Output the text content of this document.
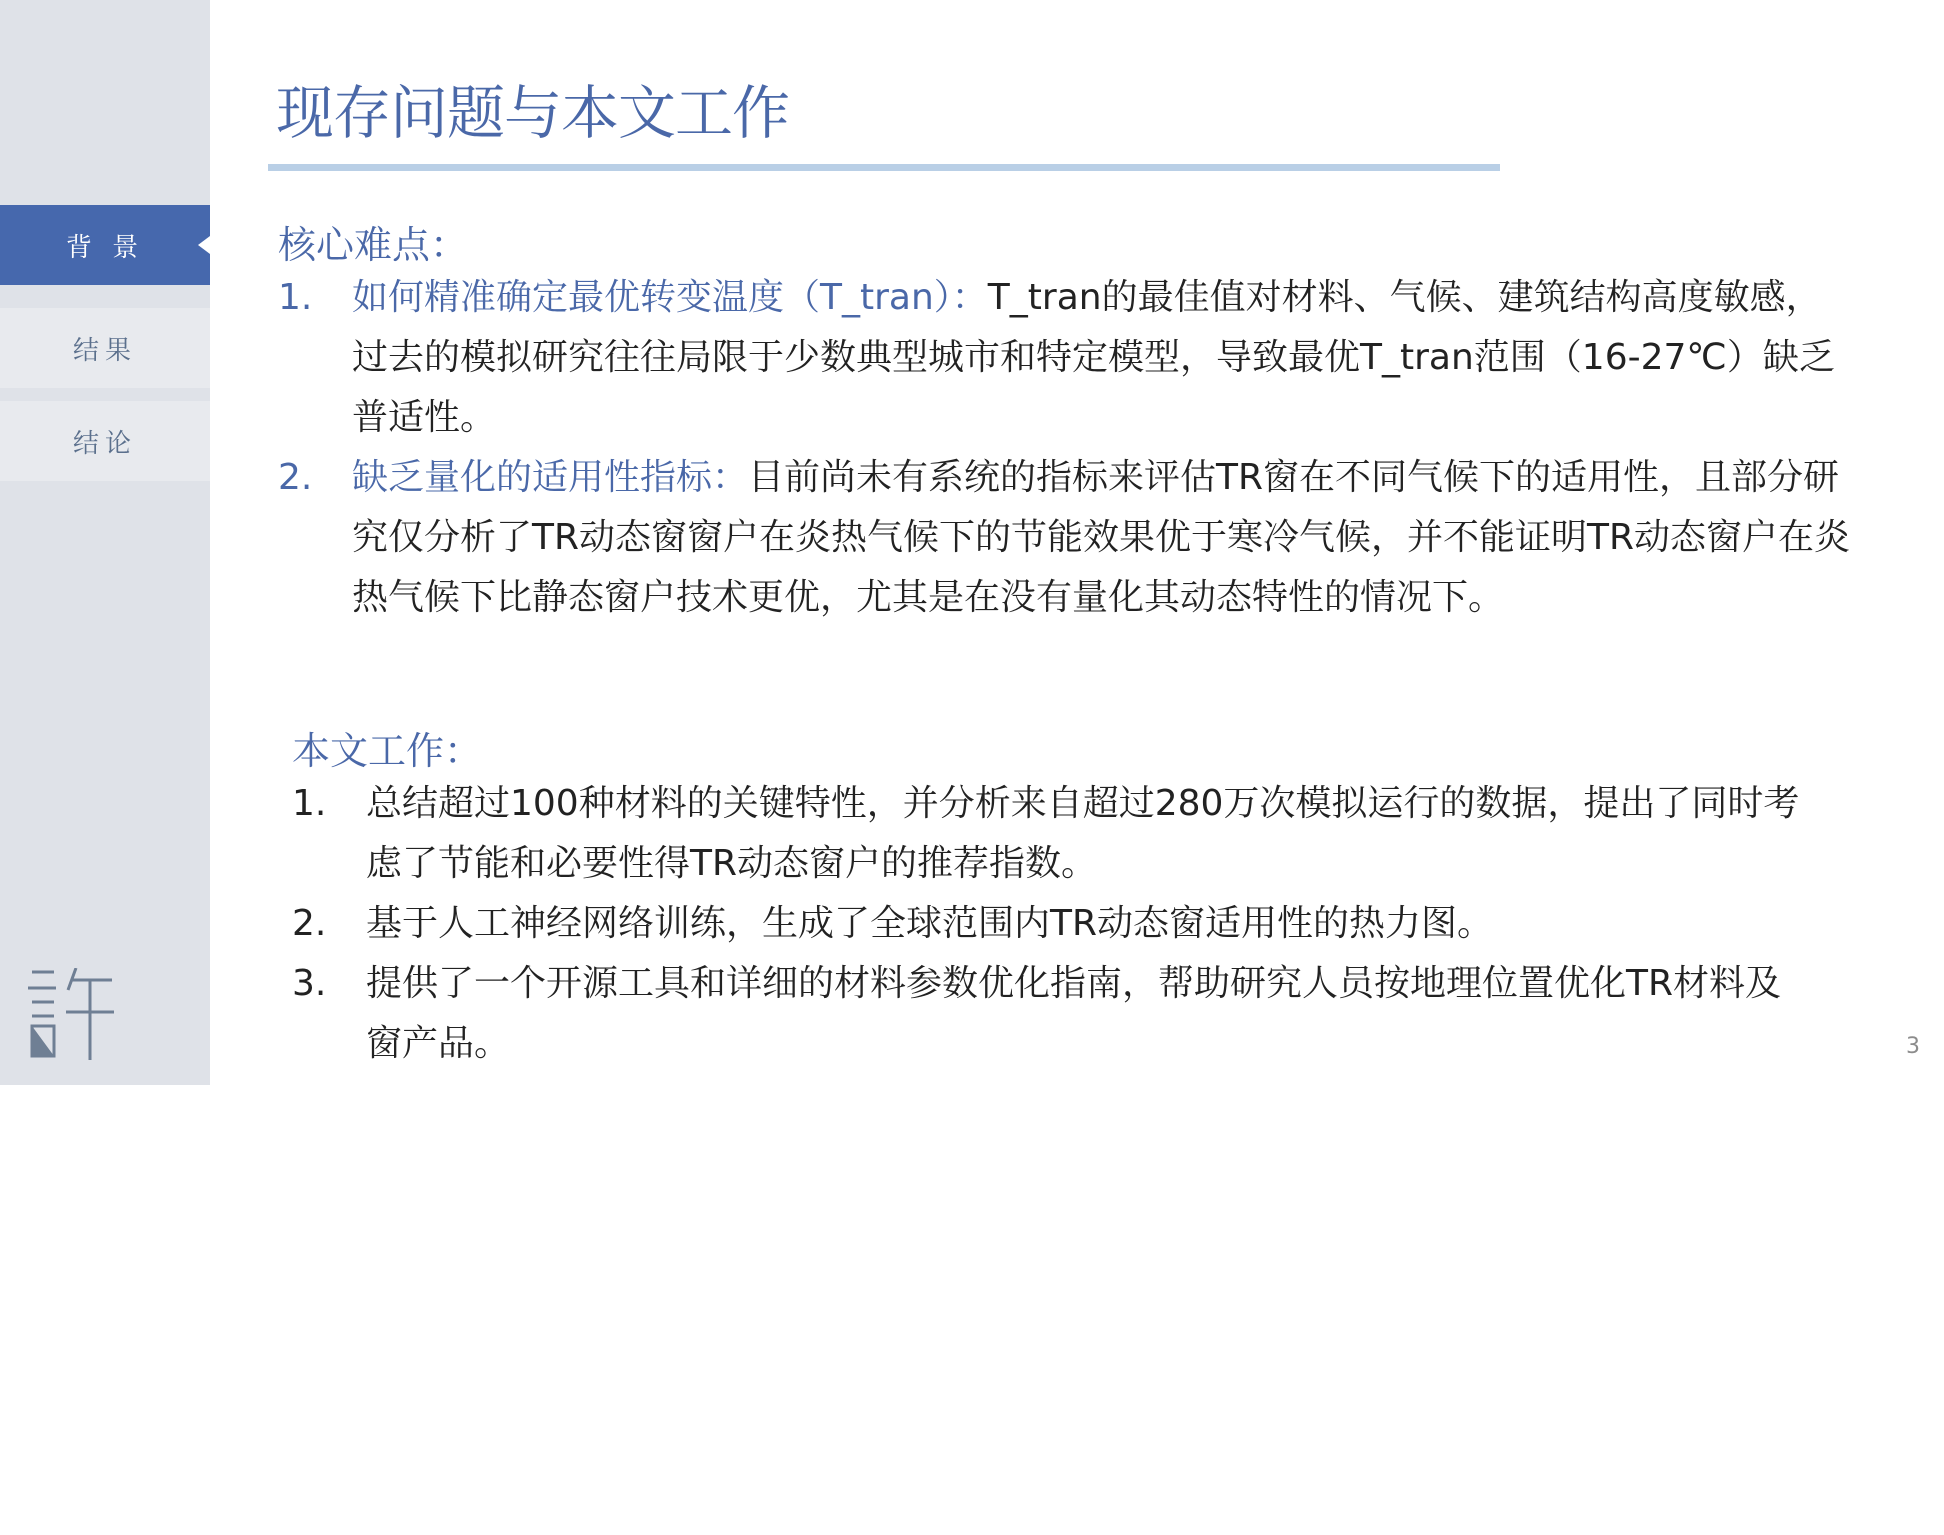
背 景
结果
结论
现存问题与本文工作
核心难点：
1. 如何精准确定最优转变温度（T_tran）：T_tran的最佳值对材料、气候、建筑结构高度敏感，过去的模拟研究往往局限于少数典型城市和特定模型，导致最优T_tran范围（16-27℃）缺乏普适性。
2. 缺乏量化的适用性指标：目前尚未有系统的指标来评估TR窗在不同气候下的适用性，且部分研究仅分析了TR动态窗窗户在炎热气候下的节能效果优于寒冷气候，并不能证明TR动态窗户在炎热气候下比静态窗户技术更优，尤其是在没有量化其动态特性的情况下。
本文工作：
1. 总结超过100种材料的关键特性，并分析来自超过280万次模拟运行的数据，提出了同时考虑了节能和必要性得TR动态窗户的推荐指数。
2. 基于人工神经网络训练，生成了全球范围内TR动态窗适用性的热力图。
3. 提供了一个开源工具和详细的材料参数优化指南，帮助研究人员按地理位置优化TR材料及窗产品。	3
